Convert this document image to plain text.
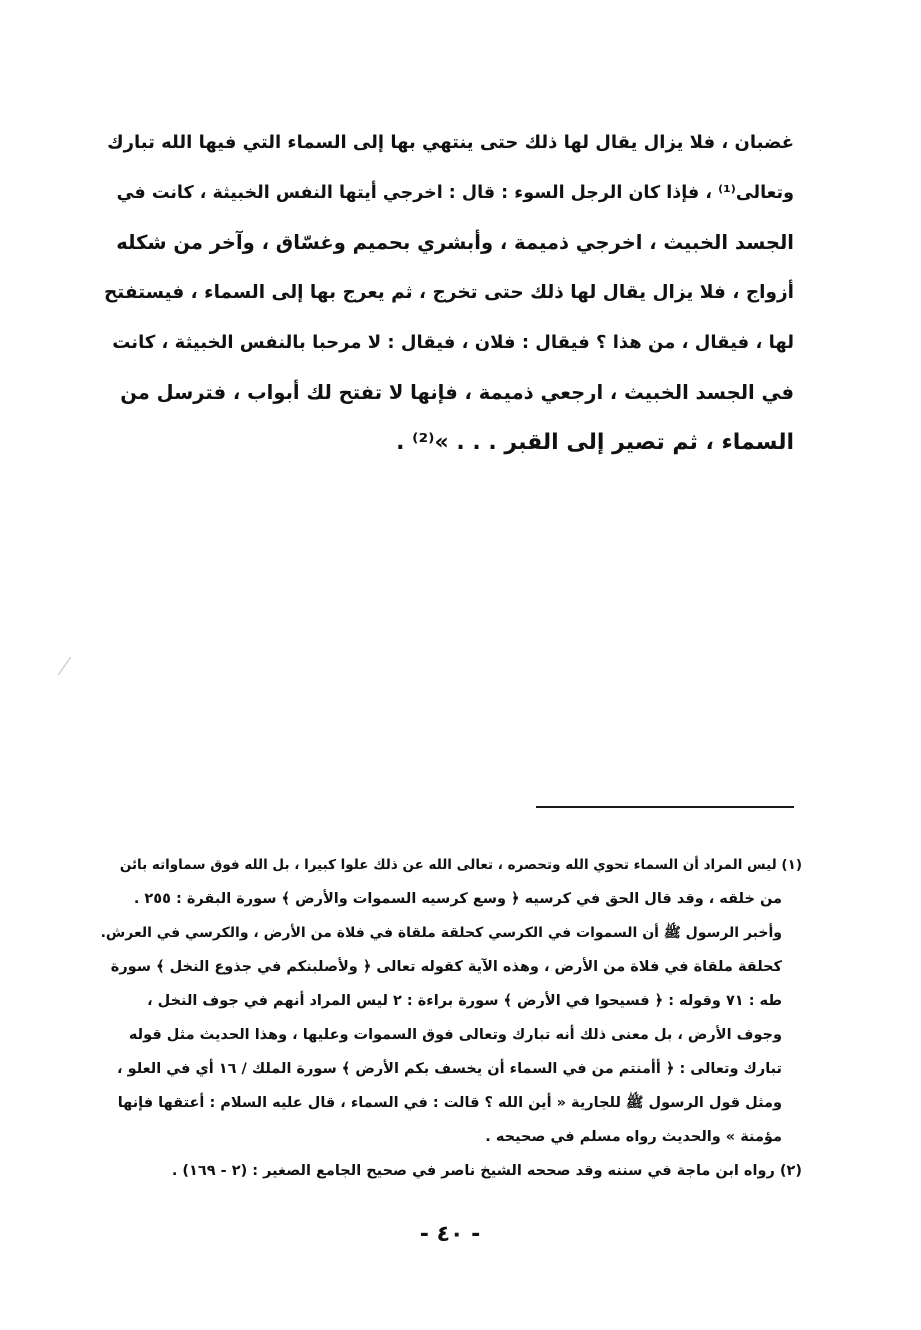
غضبان ، فلا يزال يقال لها ذلك حتى ينتهي بها إلى السماء التي فيها الله تبارك
وتعالى⁽¹⁾ ، فإذا كان الرجل السوء : قال : اخرجي أيتها النفس الخبيثة ، كانت في
الجسد الخبيث ، اخرجي ذميمة ، وأبشري بحميم وغسّاق ، وآخر من شكله
أزواج ، فلا يزال يقال لها ذلك حتى تخرج ، ثم يعرج بها إلى السماء ، فيستفتح
لها ، فيقال ، من هذا ؟ فيقال : فلان ، فيقال : لا مرحبا بالنفس الخبيثة ، كانت
في الجسد الخبيث ، ارجعي ذميمة ، فإنها لا تفتح لك أبواب ، فترسل من
السماء ، ثم تصير إلى القبر . . . »⁽²⁾ .
(١) ليس المراد أن السماء تحوي الله وتحصره ، تعالى الله عن ذلك علوا كبيرا ، بل الله فوق سماواته بائن
من خلقه ، وقد قال الحق في كرسيه ﴿ وسع كرسيه السموات والأرض ﴾ سورة البقرة : ٢٥٥ .
وأخبر الرسول ﷺ أن السموات في الكرسي كحلقة ملقاة في فلاة من الأرض ، والكرسي في العرش.
كحلقة ملقاة في فلاة من الأرض ، وهذه الآية كقوله تعالى ﴿ ولأصلبنكم في جذوع النخل ﴾ سورة
طه : ٧١ وقوله : ﴿ فسيحوا في الأرض ﴾ سورة براءة : ٢ ليس المراد أنهم في جوف النخل ،
وجوف الأرض ، بل معنى ذلك أنه تبارك وتعالى فوق السموات وعليها ، وهذا الحديث مثل قوله
تبارك وتعالى : ﴿ أأمنتم من في السماء أن يخسف بكم الأرض ﴾ سورة الملك / ١٦ أي في العلو ،
ومثل قول الرسول ﷺ للجارية « أين الله ؟ قالت : في السماء ، قال عليه السلام : أعتقها فإنها
مؤمنة » والحديث رواه مسلم في صحيحه .
(٢) رواه ابن ماجة في سننه وقد صححه الشيخ ناصر في صحيح الجامع الصغير : (٢ - ١٦٩) .
- ٤٠ -
